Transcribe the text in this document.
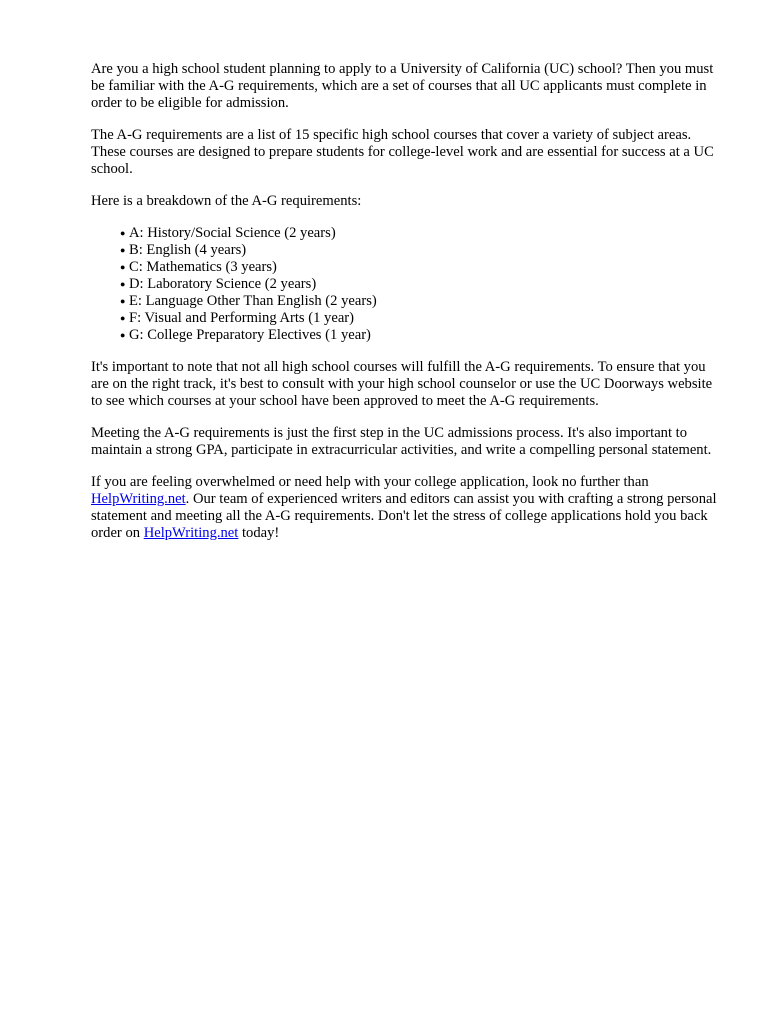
Are you a high school student planning to apply to a University of California (UC) school? Then you must be familiar with the A-G requirements, which are a set of courses that all UC applicants must complete in order to be eligible for admission.

The A-G requirements are a list of 15 specific high school courses that cover a variety of subject areas. These courses are designed to prepare students for college-level work and are essential for success at a UC school.

Here is a breakdown of the A-G requirements:

● A: History/Social Science (2 years)
● B: English (4 years)
● C: Mathematics (3 years)
● D: Laboratory Science (2 years)
● E: Language Other Than English (2 years)
● F: Visual and Performing Arts (1 year)
● G: College Preparatory Electives (1 year)

It's important to note that not all high school courses will fulfill the A-G requirements. To ensure that you are on the right track, it's best to consult with your high school counselor or use the UC Doorways website to see which courses at your school have been approved to meet the A-G requirements.

Meeting the A-G requirements is just the first step in the UC admissions process. It's also important to maintain a strong GPA, participate in extracurricular activities, and write a compelling personal statement.

If you are feeling overwhelmed or need help with your college application, look no further than HelpWriting.net. Our team of experienced writers and editors can assist you with crafting a strong personal statement and meeting all the A-G requirements. Don't let the stress of college applications hold you backorder on HelpWriting.net today!
